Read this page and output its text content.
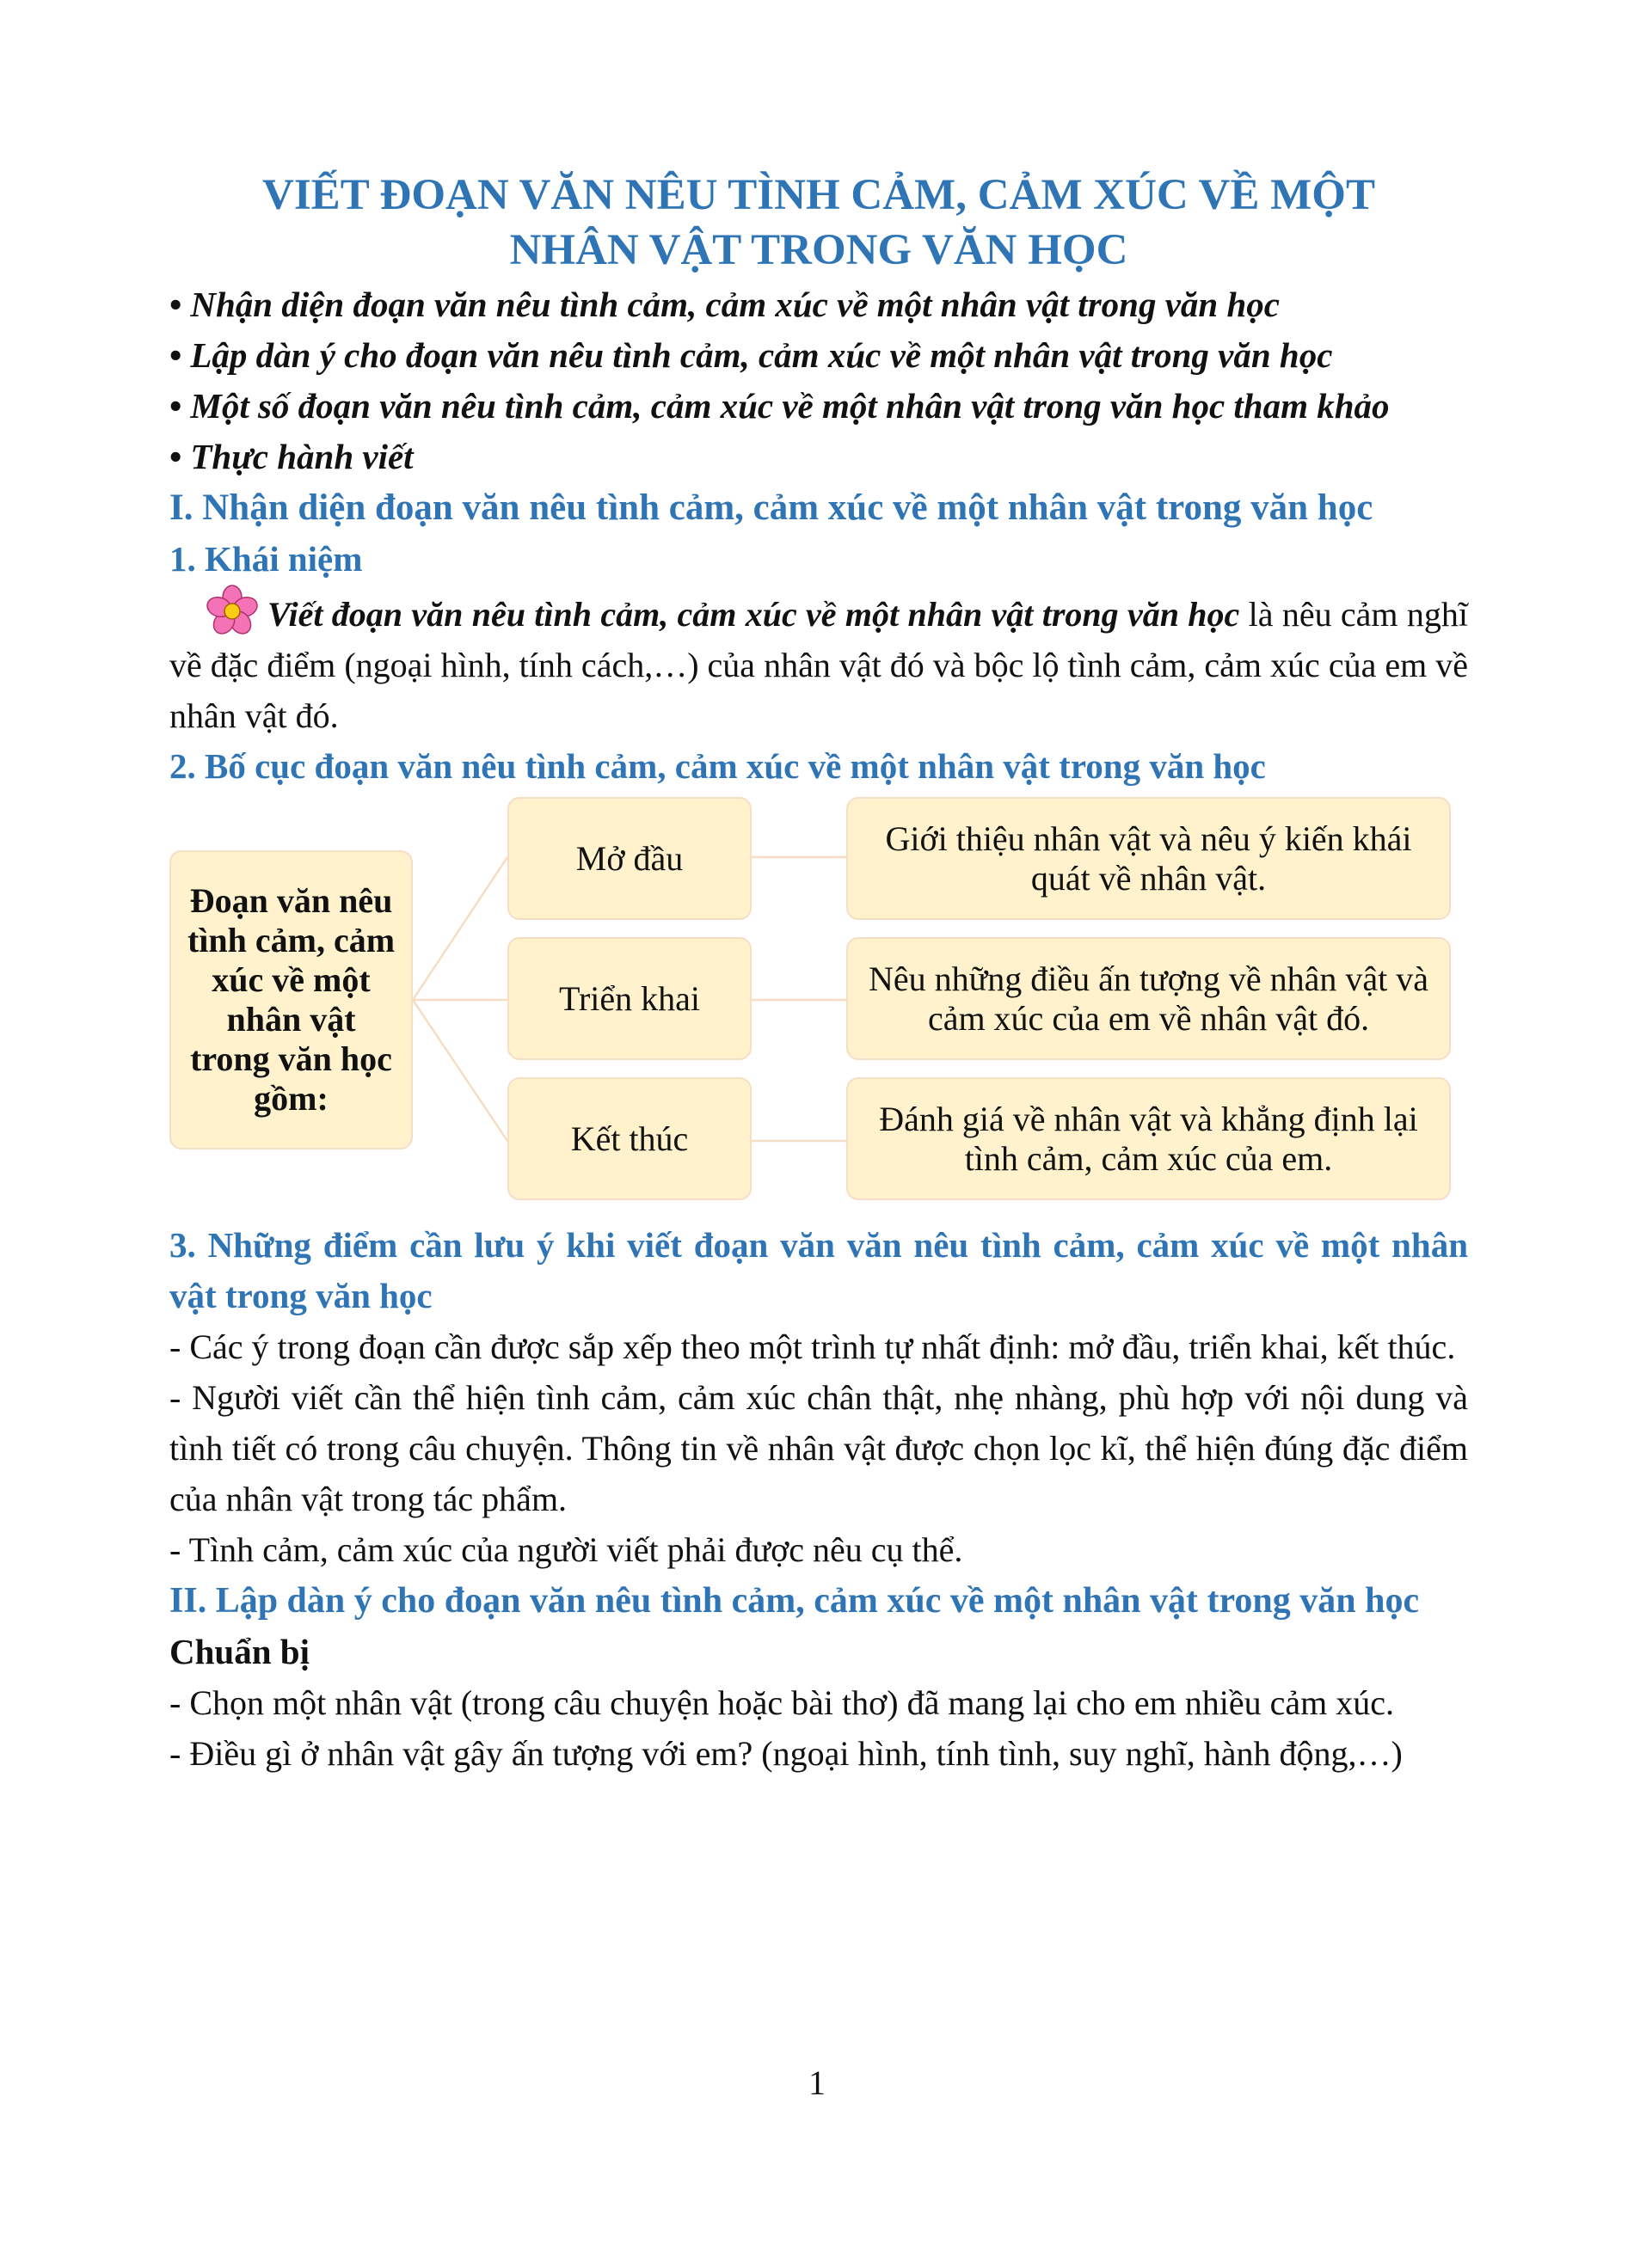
VIẾT ĐOẠN VĂN NÊU TÌNH CẢM, CẢM XÚC VỀ MỘT
NHÂN VẬT TRONG VĂN HỌC

• Nhận diện đoạn văn nêu tình cảm, cảm xúc về một nhân vật trong văn học

• Lập dàn ý cho đoạn văn nêu tình cảm, cảm xúc về một nhân vật trong văn học

• Một số đoạn văn nêu tình cảm, cảm xúc về một nhân vật trong văn học tham khảo

• Thực hành viết

I. Nhận diện đoạn văn nêu tình cảm, cảm xúc về một nhân vật trong văn học

1. Khái niệm

Viết đoạn văn nêu tình cảm, cảm xúc về một nhân vật trong văn học là nêu cảm nghĩ về đặc điểm (ngoại hình, tính cách,…) của nhân vật đó và bộc lộ tình cảm, cảm xúc của em về nhân vật đó.

2. Bố cục đoạn văn nêu tình cảm, cảm xúc về một nhân vật trong văn học

Đoạn văn nêu tình cảm, cảm xúc về một nhân vật trong văn học gồm:
Mở đầu
Triển khai
Kết thúc
Giới thiệu nhân vật và nêu ý kiến khái quát về nhân vật.
Nêu những điều ấn tượng về nhân vật và cảm xúc của em về nhân vật đó.
Đánh giá về nhân vật và khẳng định lại tình cảm, cảm xúc của em.

3. Những điểm cần lưu ý khi viết đoạn văn văn nêu tình cảm, cảm xúc về một nhân vật trong văn học

- Các ý trong đoạn cần được sắp xếp theo một trình tự nhất định: mở đầu, triển khai, kết thúc.

- Người viết cần thể hiện tình cảm, cảm xúc chân thật, nhẹ nhàng, phù hợp với nội dung và tình tiết có trong câu chuyện. Thông tin về nhân vật được chọn lọc kĩ, thể hiện đúng đặc điểm của nhân vật trong tác phẩm.

- Tình cảm, cảm xúc của người viết phải được nêu cụ thể.

II. Lập dàn ý cho đoạn văn nêu tình cảm, cảm xúc về một nhân vật trong văn học

Chuẩn bị

- Chọn một nhân vật (trong câu chuyện hoặc bài thơ) đã mang lại cho em nhiều cảm xúc.

- Điều gì ở nhân vật gây ấn tượng với em? (ngoại hình, tính tình, suy nghĩ, hành động,…)

1
